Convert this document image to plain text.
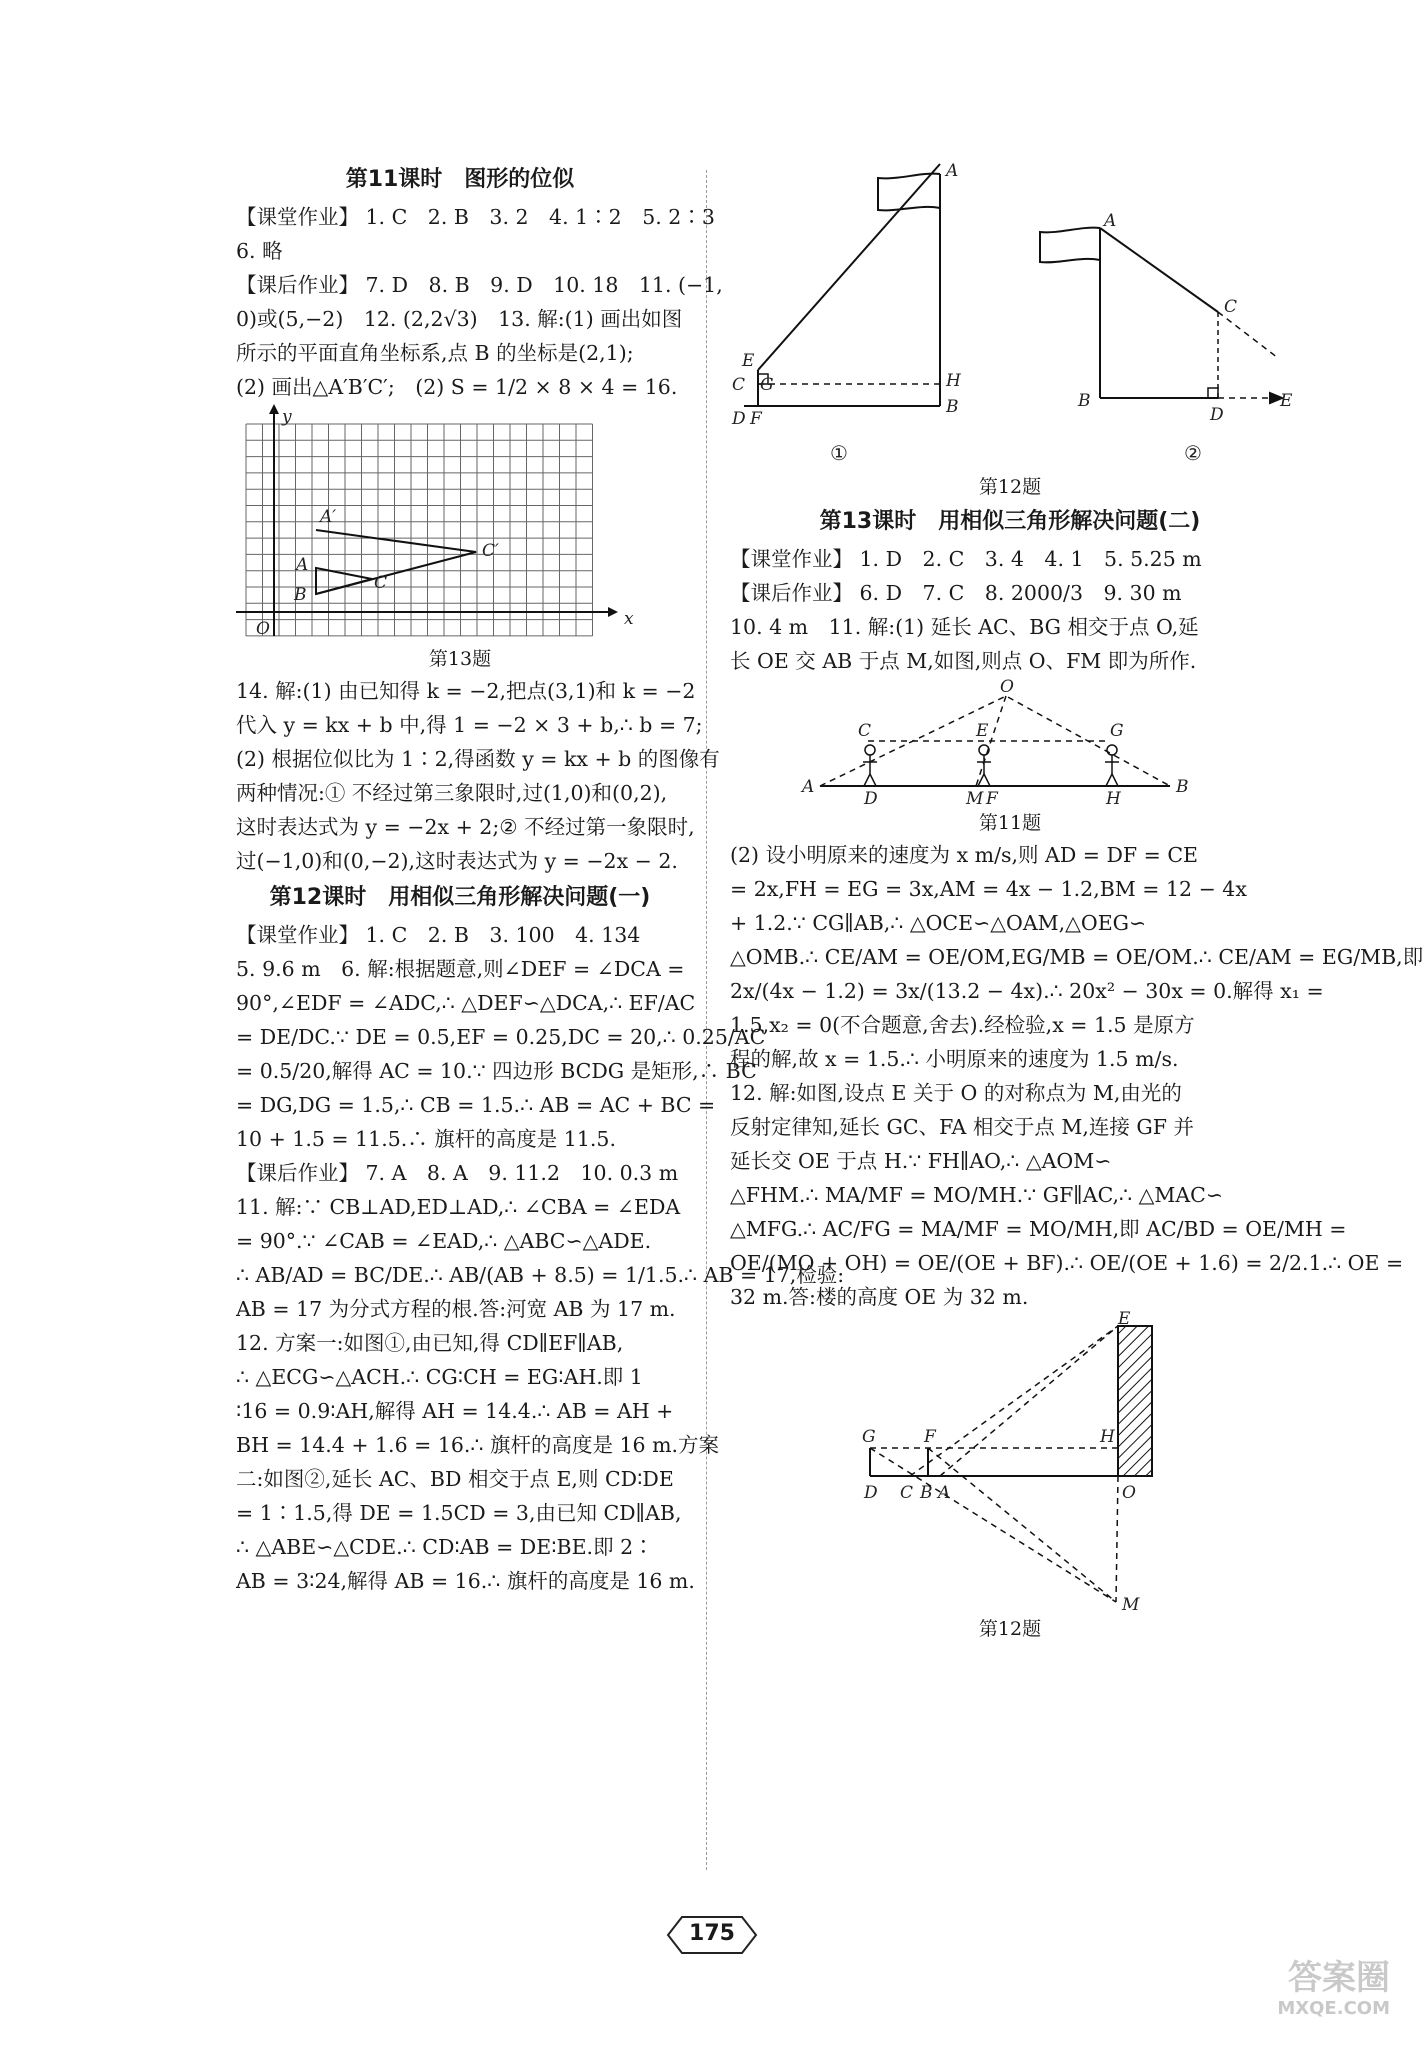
第11课时　图形的位似
【课堂作业】 1. C　2. B　3. 2　4. 1∶2　5. 2∶3
6. 略
【课后作业】 7. D　8. B　9. D　10. 18　11. (−1,
0)或(5,−2)　12. (2,2√3)　13. 解:(1) 画出如图
所示的平面直角坐标系,点 B 的坐标是(2,1);
(2) 画出△A′B′C′;　(2) S = 1/2 × 8 × 4 = 16.
y
x
O
A′
C′
A
B
C
第13题
14. 解:(1) 由已知得 k = −2,把点(3,1)和 k = −2
代入 y = kx + b 中,得 1 = −2 × 3 + b,∴ b = 7;
(2) 根据位似比为 1∶2,得函数 y = kx + b 的图像有
两种情况:① 不经过第三象限时,过(1,0)和(0,2),
这时表达式为 y = −2x + 2;② 不经过第一象限时,
过(−1,0)和(0,−2),这时表达式为 y = −2x − 2.
第12课时　用相似三角形解决问题(一)
【课堂作业】 1. C　2. B　3. 100　4. 134
5. 9.6 m　6. 解:根据题意,则∠DEF = ∠DCA =
90°,∠EDF = ∠ADC,∴ △DEF∽△DCA,∴ EF/AC
= DE/DC.∵ DE = 0.5,EF = 0.25,DC = 20,∴ 0.25/AC
= 0.5/20,解得 AC = 10.∵ 四边形 BCDG 是矩形,∴ BC
= DG,DG = 1.5,∴ CB = 1.5.∴ AB = AC + BC =
10 + 1.5 = 11.5.∴ 旗杆的高度是 11.5.
【课后作业】 7. A　8. A　9. 11.2　10. 0.3 m
11. 解:∵ CB⊥AD,ED⊥AD,∴ ∠CBA = ∠EDA
= 90°.∵ ∠CAB = ∠EAD,∴ △ABC∽△ADE.
∴ AB/AD = BC/DE.∴ AB/(AB + 8.5) = 1/1.5.∴ AB = 17,检验:
AB = 17 为分式方程的根.答:河宽 AB 为 17 m.
12. 方案一:如图①,由已知,得 CD∥EF∥AB,
∴ △ECG∽△ACH.∴ CG∶CH = EG∶AH.即 1
∶16 = 0.9∶AH,解得 AH = 14.4.∴ AB = AH +
BH = 14.4 + 1.6 = 16.∴ 旗杆的高度是 16 m.方案
二:如图②,延长 AC、BD 相交于点 E,则 CD∶DE
= 1∶1.5,得 DE = 1.5CD = 3,由已知 CD∥AB,
∴ △ABE∽△CDE.∴ CD∶AB = DE∶BE.即 2∶
AB = 3∶24,解得 AB = 16.∴ 旗杆的高度是 16 m.
A
E
C G
D F
H
B
①
A
C
B
D
E
②
第12题
第13课时　用相似三角形解决问题(二)
【课堂作业】 1. D　2. C　3. 4　4. 1　5. 5.25 m
【课后作业】 6. D　7. C　8. 2000/3　9. 30 m
10. 4 m　11. 解:(1) 延长 AC、BG 相交于点 O,延
长 OE 交 AB 于点 M,如图,则点 O、FM 即为所作.
O
C	E	G
A
D	M F	H
B
第11题
(2) 设小明原来的速度为 x m/s,则 AD = DF = CE
= 2x,FH = EG = 3x,AM = 4x − 1.2,BM = 12 − 4x
+ 1.2.∵ CG∥AB,∴ △OCE∽△OAM,△OEG∽
△OMB.∴ CE/AM = OE/OM,EG/MB = OE/OM.∴ CE/AM = EG/MB,即
2x/(4x − 1.2) = 3x/(13.2 − 4x).∴ 20x² − 30x = 0.解得 x₁ =
1.5,x₂ = 0(不合题意,舍去).经检验,x = 1.5 是原方
程的解,故 x = 1.5.∴ 小明原来的速度为 1.5 m/s.
12. 解:如图,设点 E 关于 O 的对称点为 M,由光的
反射定律知,延长 GC、FA 相交于点 M,连接 GF 并
延长交 OE 于点 H.∵ FH∥AO,∴ △AOM∽
△FHM.∴ MA/MF = MO/MH.∵ GF∥AC,∴ △MAC∽
△MFG.∴ AC/FG = MA/MF = MO/MH,即 AC/BD = OE/MH =
OE/(MO + OH) = OE/(OE + BF).∴ OE/(OE + 1.6) = 2/2.1.∴ OE =
32 m.答:楼的高度 OE 为 32 m.
E
G	F	H
D C B A	O
M
第12题
175
答案圈
MXQE.COM
